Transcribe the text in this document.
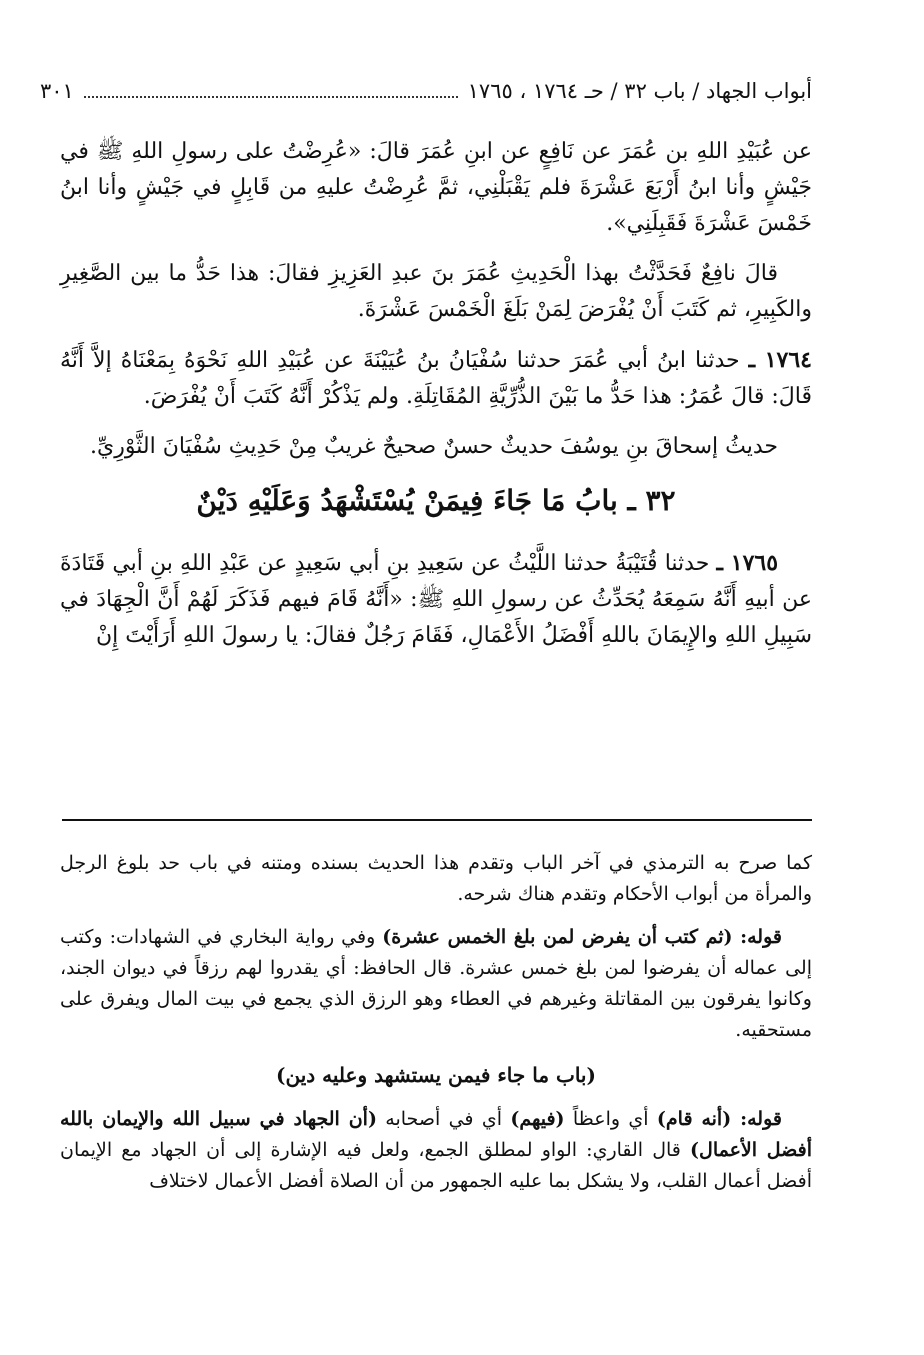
أبواب الجهاد / باب ٣٢ / حـ ١٧٦٤ ، ١٧٦٥
٣٠١

عن عُبَيْدِ اللهِ بن عُمَرَ عن نَافِعٍ عن ابنِ عُمَرَ قالَ: «عُرِضْتُ على رسولِ اللهِ ﷺ في جَيْشٍ وأنا ابنُ أَرْبَعَ عَشْرَةَ فلم يَقْبَلْنِي، ثمَّ عُرِضْتُ عليهِ من قَابِلٍ في جَيْشٍ وأنا ابنُ خَمْسَ عَشْرَةَ فَقَبِلَنِي».

قالَ نافِعٌ فَحَدَّثْتُ بهذا الْحَدِيثِ عُمَرَ بنَ عبدِ العَزِيزِ فقالَ: هذا حَدُّ ما بين الصَّغِيرِ والكَبِيرِ، ثم كَتَبَ أَنْ يُفْرَضَ لِمَنْ بَلَغَ الْخَمْسَ عَشْرَةَ.

١٧٦٤ ـ حدثنا ابنُ أبي عُمَرَ حدثنا سُفْيَانُ بنُ عُيَيْنَةَ عن عُبَيْدِ اللهِ نَحْوَهُ بِمَعْنَاهُ إلاَّ أَنَّهُ قَالَ: قالَ عُمَرُ: هذا حَدُّ ما بَيْنَ الذُّرِّيَّةِ المُقَاتِلَةِ. ولم يَذْكُرْ أَنَّهُ كَتَبَ أَنْ يُفْرَضَ.

حديثُ إسحاقَ بنِ يوسُفَ حديثٌ حسنٌ صحيحٌ غريبٌ مِنْ حَدِيثِ سُفْيَانَ الثَّوْرِيِّ.

٣٢ ـ بابُ مَا جَاءَ فِيمَنْ يُسْتَشْهَدُ وَعَلَيْهِ دَيْنٌ

١٧٦٥ ـ حدثنا قُتَيْبَةُ حدثنا اللَّيْثُ عن سَعِيدِ بنِ أبي سَعِيدٍ عن عَبْدِ اللهِ بنِ أبي قَتَادَةَ عن أبيهِ أَنَّهُ سَمِعَهُ يُحَدِّثُ عن رسولِ اللهِ ﷺ: «أَنَّهُ قَامَ فيهم فَذَكَرَ لَهُمْ أَنَّ الْجِهَادَ في سَبِيلِ اللهِ والإِيمَانَ باللهِ أَفْضَلُ الأَعْمَالِ، فَقَامَ رَجُلٌ فقالَ: يا رسولَ اللهِ أَرَأَيْتَ إِنْ

كما صرح به الترمذي في آخر الباب وتقدم هذا الحديث بسنده ومتنه في باب حد بلوغ الرجل والمرأة من أبواب الأحكام وتقدم هناك شرحه.

قوله: (ثم كتب أن يفرض لمن بلغ الخمس عشرة) وفي رواية البخاري في الشهادات: وكتب إلى عماله أن يفرضوا لمن بلغ خمس عشرة. قال الحافظ: أي يقدروا لهم رزقاً في ديوان الجند، وكانوا يفرقون بين المقاتلة وغيرهم في العطاء وهو الرزق الذي يجمع في بيت المال ويفرق على مستحقيه.

(باب ما جاء فيمن يستشهد وعليه دين)

قوله: (أنه قام) أي واعظاً (فيهم) أي في أصحابه (أن الجهاد في سبيل الله والإيمان بالله أفضل الأعمال) قال القاري: الواو لمطلق الجمع، ولعل فيه الإشارة إلى أن الجهاد مع الإيمان أفضل أعمال القلب، ولا يشكل بما عليه الجمهور من أن الصلاة أفضل الأعمال لاختلاف
